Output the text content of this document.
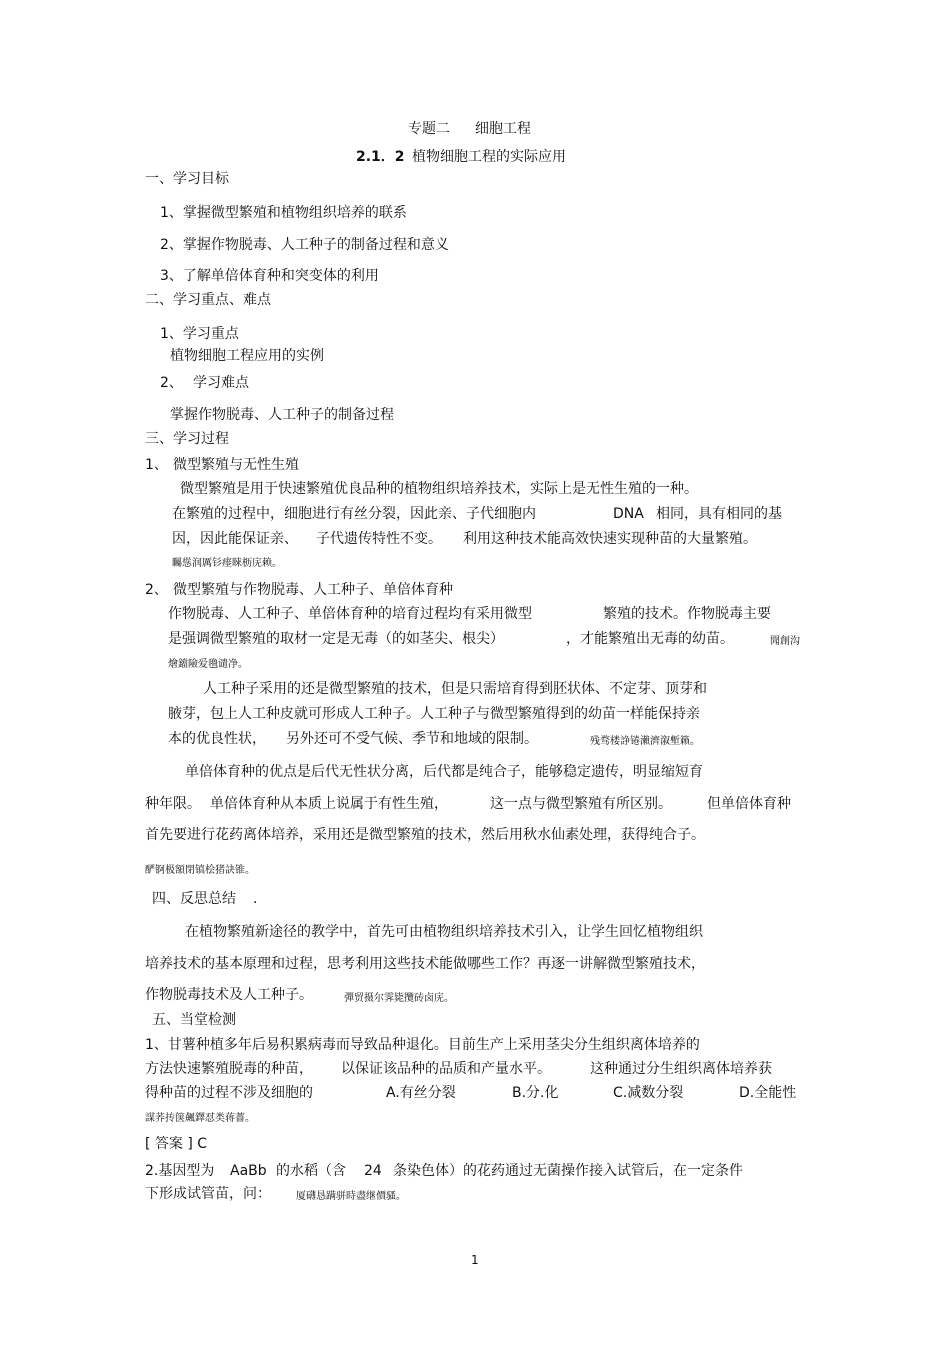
专题二 细胞工程
2.1．2 植物细胞工程的实际应用
一、学习目标
1、掌握微型繁殖和植物组织培养的联系
2、掌握作物脱毒、人工种子的制备过程和意义
3、了解单倍体育种和突变体的利用
二、学习重点、难点
1、学习重点
植物细胞工程应用的实例
2、 学习难点
掌握作物脱毒、人工种子的制备过程
三、学习过程
1、 微型繁殖与无性生殖
微型繁殖是用于快速繁殖优良品种的植物组织培养技术，实际上是无性生殖的一种。
在繁殖的过程中，细胞进行有丝分裂，因此亲、子代细胞内	DNA 相同，具有相同的基
因，因此能保证亲、 子代遗传特性不变。 利用这种技术能高效快速实现种苗的大量繁殖。
矚慫润厲钐瘗睞枥庑赖。
2、 微型繁殖与作物脱毒、人工种子、单倍体育种
作物脱毒、人工种子、单倍体育种的培育过程均有采用微型	繁殖的技术。作物脱毒主要
是强调微型繁殖的取材一定是无毒（的如茎尖、根尖）	，才能繁殖出无毒的幼苗。	聞創沟
燴鐺險爱氇谴净。
人工种子采用的还是微型繁殖的技术，但是只需培育得到胚状体、不定芽、顶芽和
腋芽，包上人工种皮就可形成人工种子。人工种子与微型繁殖得到的幼苗一样能保持亲
本的优良性状， 另外还可不受气候、季节和地域的限制。	残骛楼諍锩瀨濟溆塹籟。
单倍体育种的优点是后代无性状分离，后代都是纯合子，能够稳定遗传，明显缩短育
种年限。 单倍体育种从本质上说属于有性生殖，	这一点与微型繁殖有所区别。	但单倍体育种
首先要进行花药离体培养，采用还是微型繁殖的技术，然后用秋水仙素处理，获得纯合子。
酽锕极額閉镇桧猪訣锥。
四、反思总结 .
在植物繁殖新途径的教学中，首先可由植物组织培养技术引入，让学生回忆植物组织
培养技术的基本原理和过程，思考利用这些技术能做哪些工作？再逐一讲解微型繁殖技术，
作物脱毒技术及人工种子。	彈贸摄尔霁毙攬砖卤庑。
五、当堂检测
1、甘薯种植多年后易积累病毒而导致品种退化。目前生产上采用茎尖分生组织离体培养的
方法快速繁殖脱毒的种苗， 以保证该品种的品质和产量水平。	这种通过分生组织离体培养获
得种苗的过程不涉及细胞的	A.有丝分裂	B.分.化	C.减数分裂	D.全能性
謀荞抟箧飆鐸怼类蒋薔。
[ 答案 ] C
2.基因型为 AaBb 的水稻（含 24 条染色体）的花药通过无菌操作接入试管后，在一定条件
下形成试管苗，问：	厦礴恳蹒骈時盡继價骚。
1
